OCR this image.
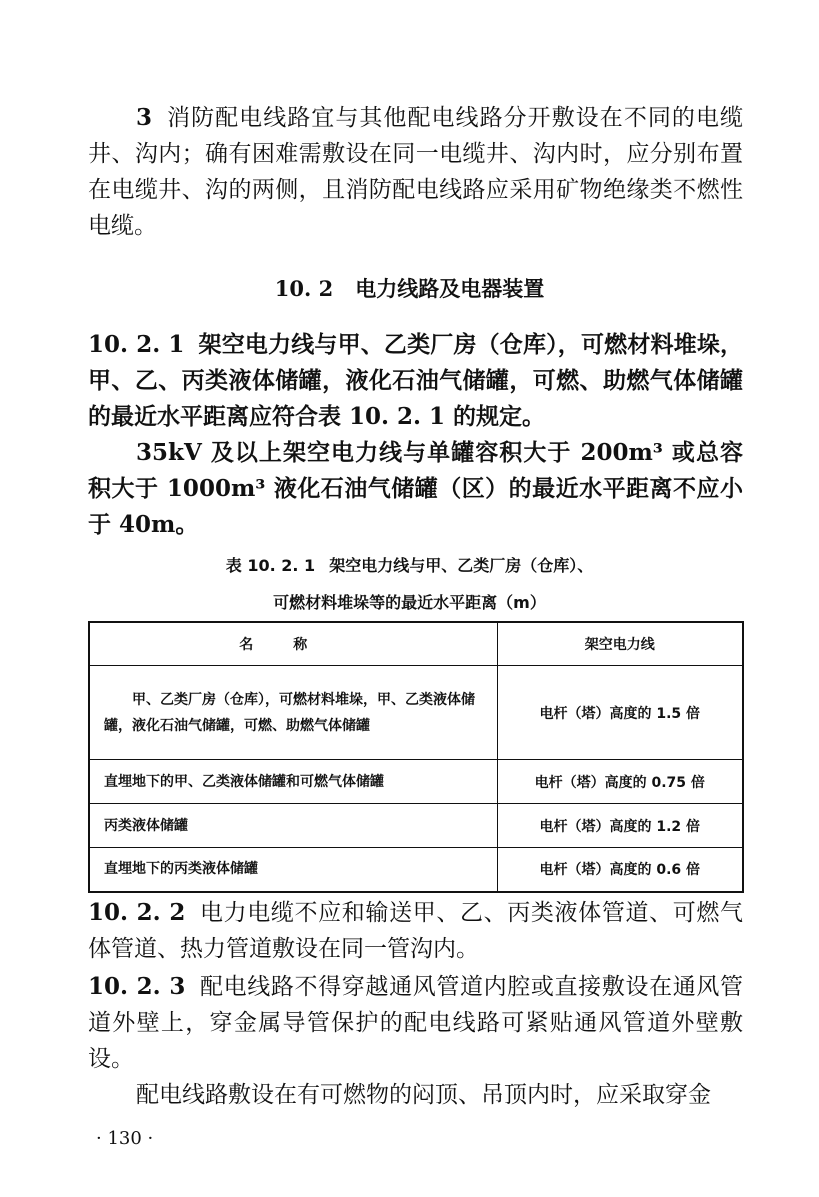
3 消防配电线路宜与其他配电线路分开敷设在不同的电缆井、沟内；确有困难需敷设在同一电缆井、沟内时，应分别布置在电缆井、沟的两侧，且消防配电线路应采用矿物绝缘类不燃性电缆。

10. 2 电力线路及电器装置

10. 2. 1 架空电力线与甲、乙类厂房（仓库），可燃材料堆垛，甲、乙、丙类液体储罐，液化石油气储罐，可燃、助燃气体储罐的最近水平距离应符合表 10. 2. 1 的规定。

35kV 及以上架空电力线与单罐容积大于 200m³ 或总容积大于 1000m³ 液化石油气储罐（区）的最近水平距离不应小于 40m。

表 10. 2. 1 架空电力线与甲、乙类厂房（仓库）、

可燃材料堆垛等的最近水平距离（m）

名称	架空电力线
甲、乙类厂房（仓库），可燃材料堆垛，甲、乙类液体储罐，液化石油气储罐，可燃、助燃气体储罐	电杆（塔）高度的 1.5 倍
直埋地下的甲、乙类液体储罐和可燃气体储罐	电杆（塔）高度的 0.75 倍
丙类液体储罐	电杆（塔）高度的 1.2 倍
直埋地下的丙类液体储罐	电杆（塔）高度的 0.6 倍

10. 2. 2 电力电缆不应和输送甲、乙、丙类液体管道、可燃气体管道、热力管道敷设在同一管沟内。

10. 2. 3 配电线路不得穿越通风管道内腔或直接敷设在通风管道外壁上，穿金属导管保护的配电线路可紧贴通风管道外壁敷设。

配电线路敷设在有可燃物的闷顶、吊顶内时，应采取穿金

· 130 ·
